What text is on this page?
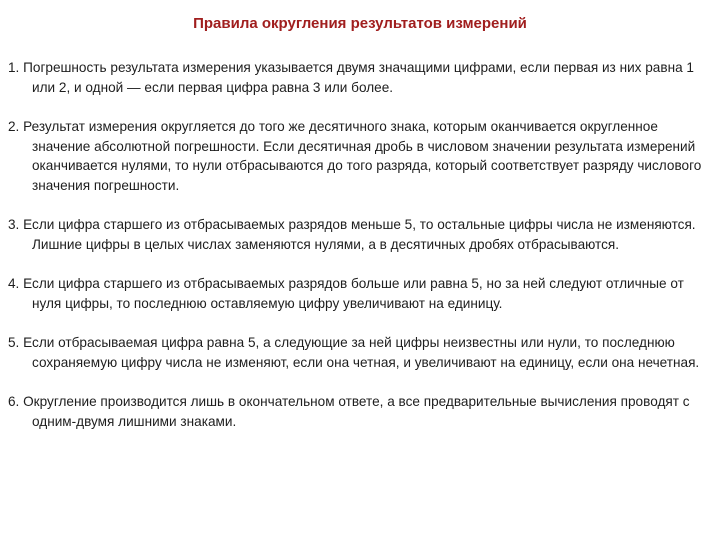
Правила округления результатов измерений
1. Погрешность результата измерения указывается двумя значащими цифрами, если первая из них равна 1 или 2, и одной — если первая цифра равна 3 или более.
2. Результат измерения округляется до того же десятичного знака, которым оканчивается округленное значение абсолютной погрешности. Если десятичная дробь в числовом значении результата измерений оканчивается нулями, то нули отбрасываются до того разряда, который соответствует разряду числового значения погрешности.
3. Если цифра старшего из отбрасываемых разрядов меньше 5, то остальные цифры числа не изменяются. Лишние цифры в целых числах заменяются нулями, а в десятичных дробях отбрасываются.
4. Если цифра старшего из отбрасываемых разрядов больше или равна 5, но за ней следуют отличные от нуля цифры, то последнюю оставляемую цифру увеличивают на единицу.
5. Если отбрасываемая цифра равна 5, а следующие за ней цифры неизвестны или нули, то последнюю сохраняемую цифру числа не изменяют, если она четная, и увеличивают на единицу, если она нечетная.
6. Округление производится лишь в окончательном ответе, а все предварительные вычисления проводят с одним-двумя лишними знаками.
